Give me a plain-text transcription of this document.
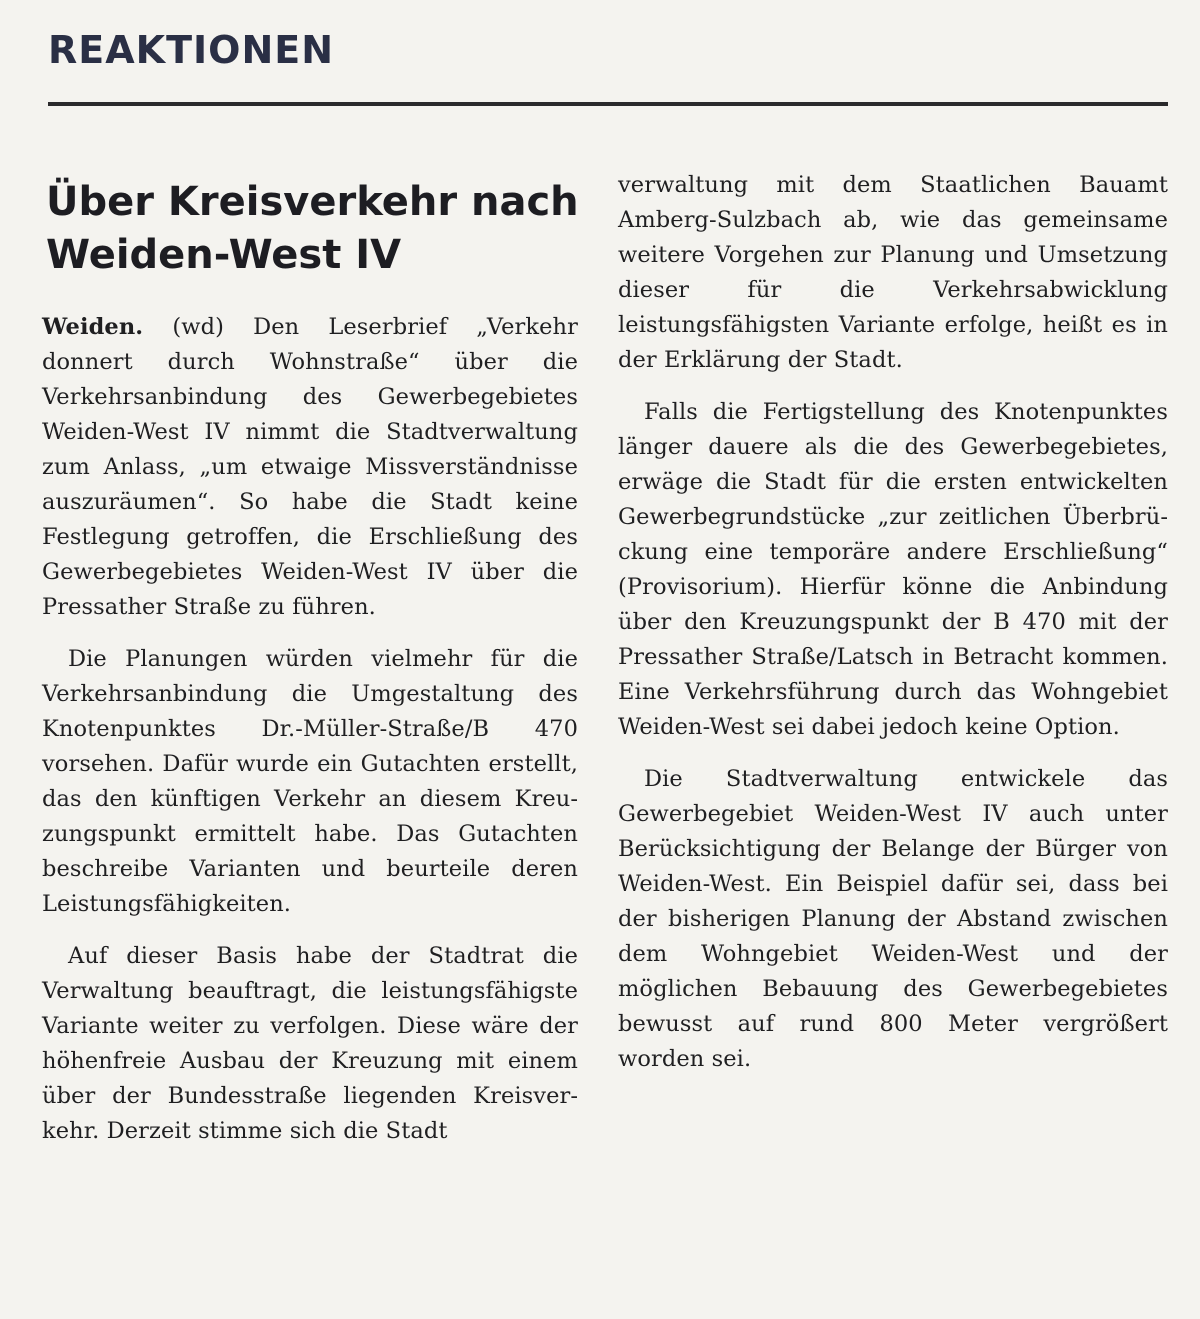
REAKTIONEN
Über Kreisverkehr nach Weiden-West IV

Weiden. (wd) Den Leserbrief „Verkehr donnert durch Wohnstraße“ über die Verkehrsanbindung des Gewerbegebietes Weiden-West IV nimmt die Stadtverwaltung zum Anlass, „um etwaige Missverständnisse auszuräumen“. So habe die Stadt keine Festlegung getroffen, die Erschließung des Gewerbegebietes Weiden-West IV über die Pressather Straße zu führen.

Die Planungen würden vielmehr für die Verkehrsanbindung die Umgestaltung des Knotenpunktes Dr.-Müller-Straße/B 470 vorsehen. Dafür wurde ein Gutachten erstellt, das den künftigen Verkehr an diesem Kreuzungspunkt ermittelt habe. Das Gutachten beschreibe Varianten und beurteile deren Leistungsfähigkeiten.

Auf dieser Basis habe der Stadtrat die Verwaltung beauftragt, die leistungsfähigste Variante weiter zu verfolgen. Diese wäre der höhenfreie Ausbau der Kreuzung mit einem über der Bundesstraße liegenden Kreisverkehr. Derzeit stimme sich die Stadt

verwaltung mit dem Staatlichen Bauamt Amberg-Sulzbach ab, wie das gemeinsame weitere Vorgehen zur Planung und Umsetzung dieser für die Verkehrsabwicklung leistungsfähigsten Variante erfolge, heißt es in der Erklärung der Stadt.

Falls die Fertigstellung des Knotenpunktes länger dauere als die des Gewerbegebietes, erwäge die Stadt für die ersten entwickelten Gewerbegrundstücke „zur zeitlichen Überbrückung eine temporäre andere Erschließung“ (Provisorium). Hierfür könne die Anbindung über den Kreuzungspunkt der B 470 mit der Pressather Straße/Latsch in Betracht kommen. Eine Verkehrsführung durch das Wohngebiet Weiden-West sei dabei jedoch keine Option.

Die Stadtverwaltung entwickele das Gewerbegebiet Weiden-West IV auch unter Berücksichtigung der Belange der Bürger von Weiden-West. Ein Beispiel dafür sei, dass bei der bisherigen Planung der Abstand zwischen dem Wohngebiet Weiden-West und der möglichen Bebauung des Gewerbegebietes bewusst auf rund 800 Meter vergrößert worden sei.
